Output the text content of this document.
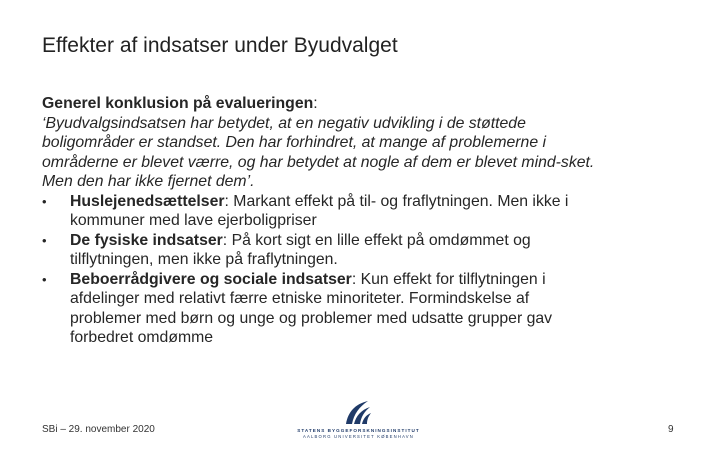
Effekter af indsatser under Byudvalget
Generel konklusion på evalueringen:
‘Byudvalgsindsatsen har betydet, at en negativ udvikling i de støttede
boligområder er standset. Den har forhindret, at mange af problemerne i
områderne er blevet værre, og har betydet at nogle af dem er blevet mind-sket.
Men den har ikke fjernet dem’.
•	Huslejenedsættelser: Markant effekt på til- og fraflytningen. Men ikke i
kommuner med lave ejerboligpriser
•	De fysiske indsatser: På kort sigt en lille effekt på omdømmet og
tilflytningen, men ikke på fraflytningen.
•	Beboerrådgivere og sociale indsatser: Kun effekt for tilflytningen i
afdelinger med relativt færre etniske minoriteter. Formindskelse af
problemer med børn og unge og problemer med udsatte grupper gav
forbedret omdømme
SBi – 29. november 2020	STATENS BYGGEFORSKNINGSINSTITUT
AALBORG UNIVERSITET KØBENHAVN
9
